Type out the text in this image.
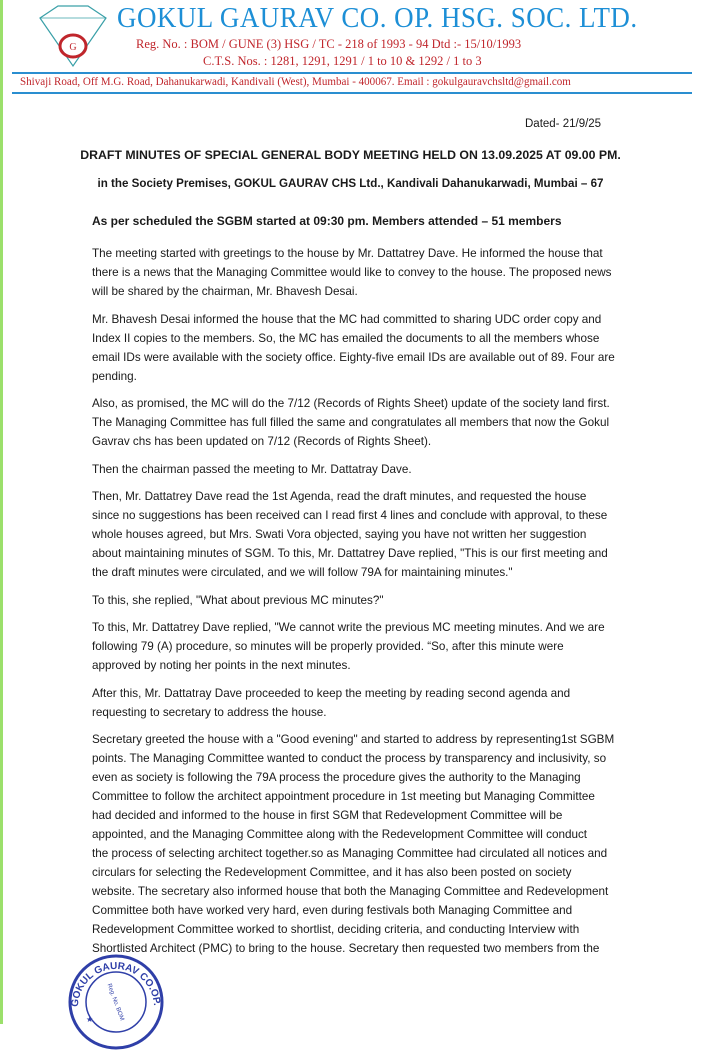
G
GOKUL GAURAV CO. OP. HSG. SOC. LTD.
Reg. No. : BOM / GUNE (3) HSG / TC - 218 of 1993 - 94 Dtd :- 15/10/1993
C.T.S. Nos. : 1281, 1291, 1291 / 1 to 10 & 1292 / 1 to 3
Shivaji Road, Off M.G. Road, Dahanukarwadi, Kandivali (West), Mumbai - 400067. Email : gokulgauravchsltd@gmail.com
Dated- 21/9/25
DRAFT MINUTES OF SPECIAL GENERAL BODY MEETING HELD ON 13.09.2025 AT 09.00 PM.
in the Society Premises, GOKUL GAURAV CHS Ltd., Kandivali Dahanukarwadi, Mumbai – 67
As per scheduled the SGBM started at 09:30 pm. Members attended – 51 members
The meeting started with greetings to the house by Mr. Dattatrey Dave. He informed the house that
there is a news that the Managing Committee would like to convey to the house. The proposed news
will be shared by the chairman, Mr. Bhavesh Desai.
Mr. Bhavesh Desai informed the house that the MC had committed to sharing UDC order copy and
Index II copies to the members. So, the MC has emailed the documents to all the members whose
email IDs were available with the society office. Eighty-five email IDs are available out of 89. Four are
pending.
Also, as promised, the MC will do the 7/12 (Records of Rights Sheet) update of the society land first.
The Managing Committee has full filled the same and congratulates all members that now the Gokul
Gavrav chs has been updated on 7/12 (Records of Rights Sheet).
Then the chairman passed the meeting to Mr. Dattatray Dave.
Then, Mr. Dattatrey Dave read the 1st Agenda, read the draft minutes, and requested the house
since no suggestions has been received can I read first 4 lines and conclude with approval, to these
whole houses agreed, but Mrs. Swati Vora objected, saying you have not written her suggestion
about maintaining minutes of SGM. To this, Mr. Dattatrey Dave replied, "This is our first meeting and
the draft minutes were circulated, and we will follow 79A for maintaining minutes."
To this, she replied, "What about previous MC minutes?"
To this, Mr. Dattatrey Dave replied, "We cannot write the previous MC meeting minutes. And we are
following 79 (A) procedure, so minutes will be properly provided. “So, after this minute were
approved by noting her points in the next minutes.
After this, Mr. Dattatray Dave proceeded to keep the meeting by reading second agenda and
requesting to secretary to address the house.
Secretary greeted the house with a "Good evening" and started to address by representing1st SGBM
points. The Managing Committee wanted to conduct the process by transparency and inclusivity, so
even as society is following the 79A process the procedure gives the authority to the Managing
Committee to follow the architect appointment procedure in 1st meeting but Managing Committee
had decided and informed to the house in first SGM that Redevelopment Committee will be
appointed, and the Managing Committee along with the Redevelopment Committee will conduct
the process of selecting architect together.so as Managing Committee had circulated all notices and
circulars for selecting the Redevelopment Committee, and it has also been posted on society
website. The secretary also informed house that both the Managing Committee and Redevelopment
Committee both have worked very hard, even during festivals both Managing Committee and
Redevelopment Committee worked to shortlist, deciding criteria, and conducting Interview with
Shortlisted Architect (PMC) to bring to the house. Secretary then requested two members from the
GOKUL GAURAV CO.OP.
Reg. No. BOM
★
